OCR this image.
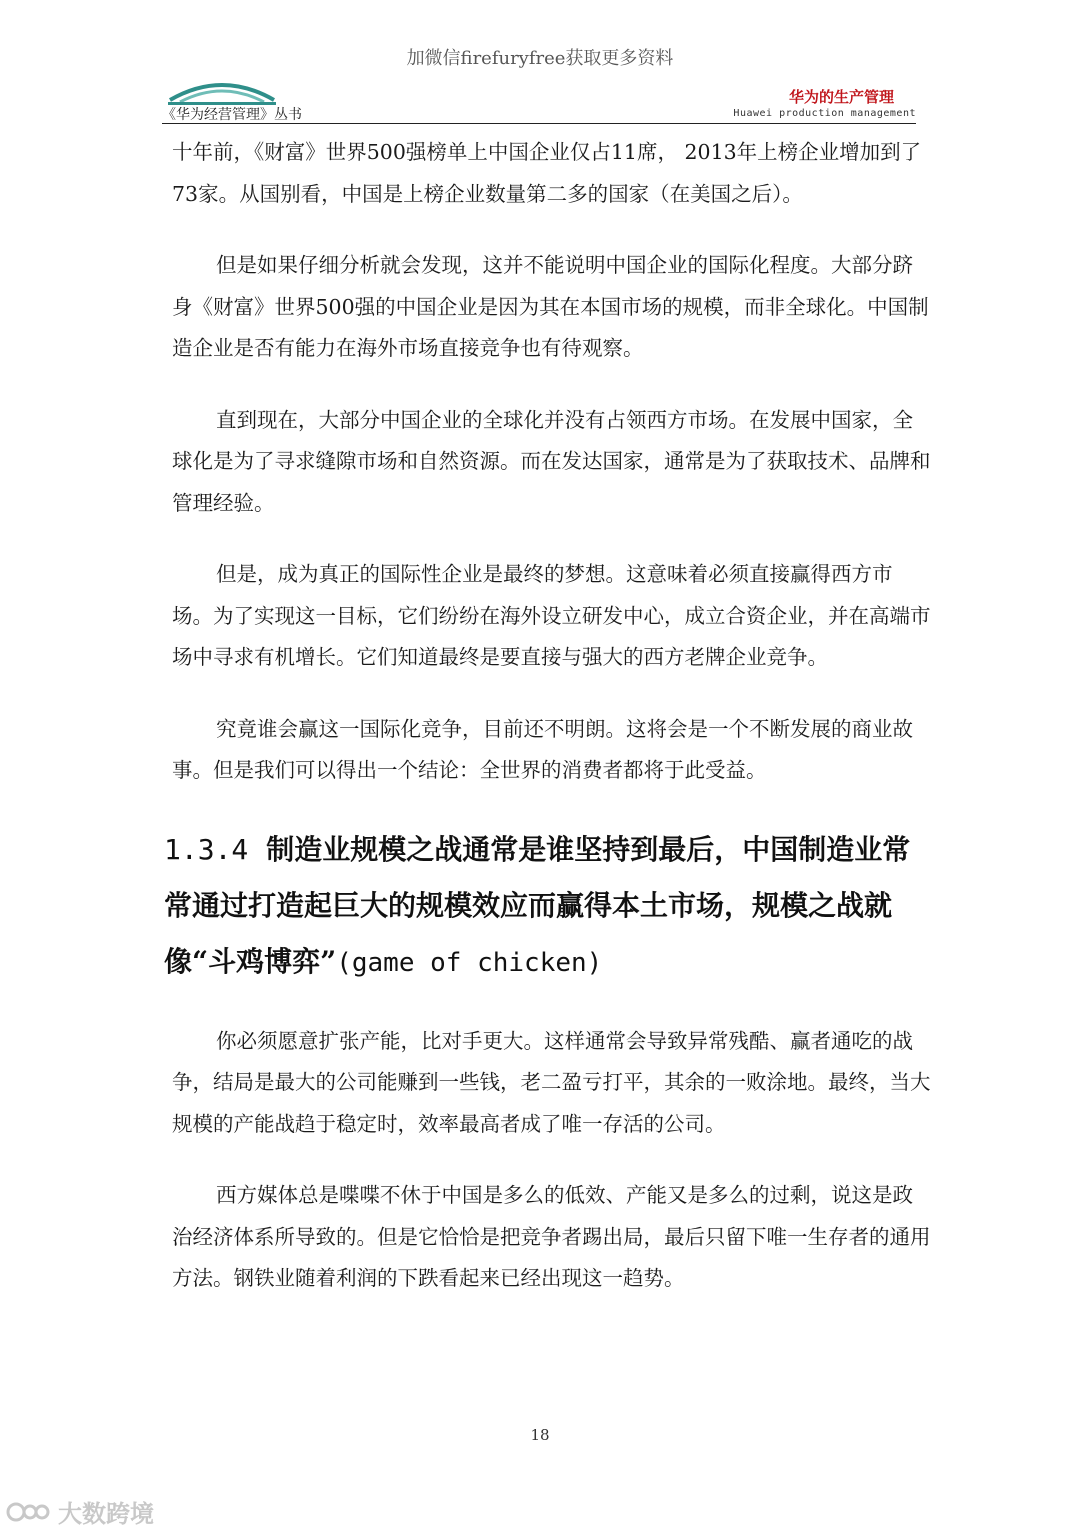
加微信firefuryfree获取更多资料
《华为经营管理》丛书
华为的生产管理
Huawei production management

十年前，《财富》世界500强榜单上中国企业仅占11席， 2013年上榜企业增加到了73家。从国别看，中国是上榜企业数量第二多的国家（在美国之后）。

但是如果仔细分析就会发现，这并不能说明中国企业的国际化程度。大部分跻身《财富》世界500强的中国企业是因为其在本国市场的规模，而非全球化。中国制造企业是否有能力在海外市场直接竞争也有待观察。

直到现在，大部分中国企业的全球化并没有占领西方市场。在发展中国家，全球化是为了寻求缝隙市场和自然资源。而在发达国家，通常是为了获取技术、品牌和管理经验。

但是，成为真正的国际性企业是最终的梦想。这意味着必须直接赢得西方市场。为了实现这一目标，它们纷纷在海外设立研发中心，成立合资企业，并在高端市场中寻求有机增长。它们知道最终是要直接与强大的西方老牌企业竞争。

究竟谁会赢这一国际化竞争，目前还不明朗。这将会是一个不断发展的商业故事。但是我们可以得出一个结论：全世界的消费者都将于此受益。

1.3.4 制造业规模之战通常是谁坚持到最后，中国制造业常常通过打造起巨大的规模效应而赢得本土市场，规模之战就像“斗鸡博弈”(game of chicken)

你必须愿意扩张产能，比对手更大。这样通常会导致异常残酷、赢者通吃的战争，结局是最大的公司能赚到一些钱，老二盈亏打平，其余的一败涂地。最终，当大规模的产能战趋于稳定时，效率最高者成了唯一存活的公司。

西方媒体总是喋喋不休于中国是多么的低效、产能又是多么的过剩，说这是政治经济体系所导致的。但是它恰恰是把竞争者踢出局，最后只留下唯一生存者的通用方法。钢铁业随着利润的下跌看起来已经出现这一趋势。

18
大数跨境
